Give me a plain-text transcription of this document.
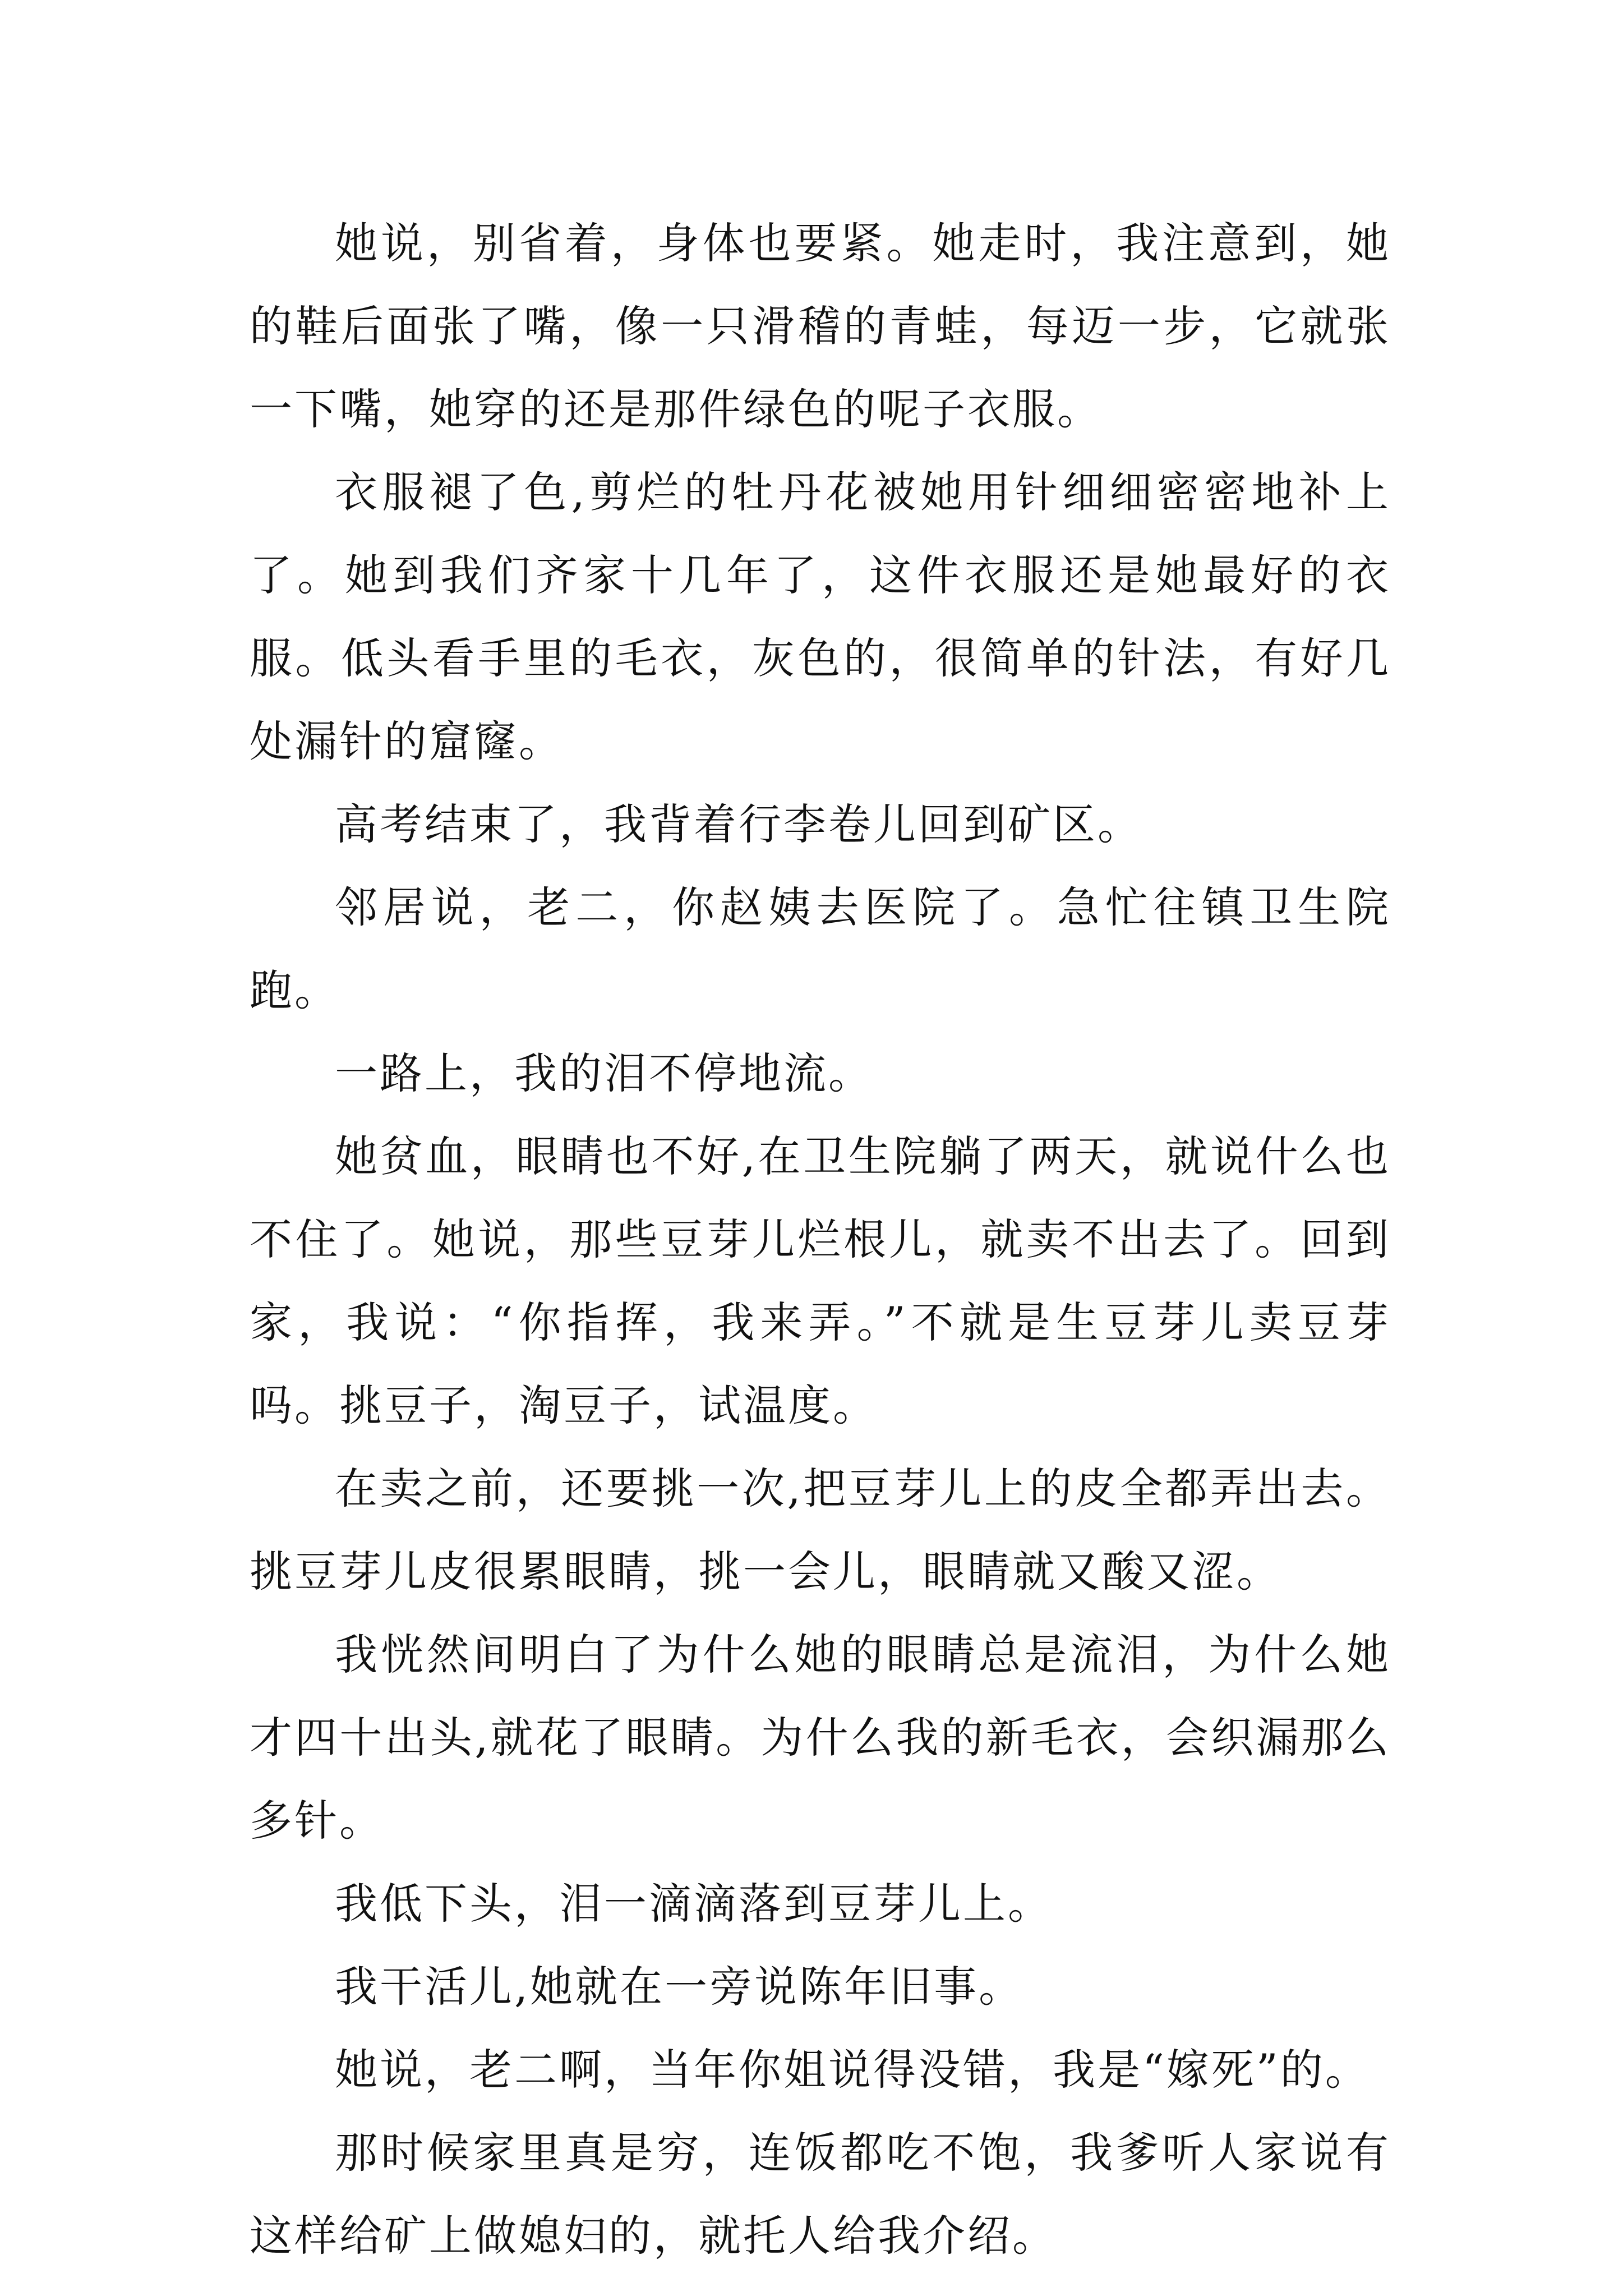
她说，别省着，身体也要紧。她走时，我注意到，她的鞋后面张了嘴，像一只滑稽的青蛙，每迈一步，它就张一下嘴，她穿的还是那件绿色的呢子衣服。

衣服褪了色,剪烂的牡丹花被她用针细细密密地补上了。她到我们齐家十几年了，这件衣服还是她最好的衣服。低头看手里的毛衣，灰色的，很简单的针法，有好几处漏针的窟窿。

高考结束了，我背着行李卷儿回到矿区。

邻居说，老二，你赵姨去医院了。急忙往镇卫生院跑。

一路上，我的泪不停地流。

她贫血，眼睛也不好,在卫生院躺了两天，就说什么也不住了。她说，那些豆芽儿烂根儿，就卖不出去了。回到家，我说：“你指挥，我来弄。”不就是生豆芽儿卖豆芽吗。挑豆子，淘豆子，试温度。

在卖之前，还要挑一次,把豆芽儿上的皮全都弄出去。挑豆芽儿皮很累眼睛，挑一会儿，眼睛就又酸又涩。

我恍然间明白了为什么她的眼睛总是流泪，为什么她才四十出头,就花了眼睛。为什么我的新毛衣，会织漏那么多针。

我低下头，泪一滴滴落到豆芽儿上。

我干活儿,她就在一旁说陈年旧事。

她说，老二啊，当年你姐说得没错，我是“嫁死”的。

那时候家里真是穷，连饭都吃不饱，我爹听人家说有这样给矿上做媳妇的，就托人给我介绍。
